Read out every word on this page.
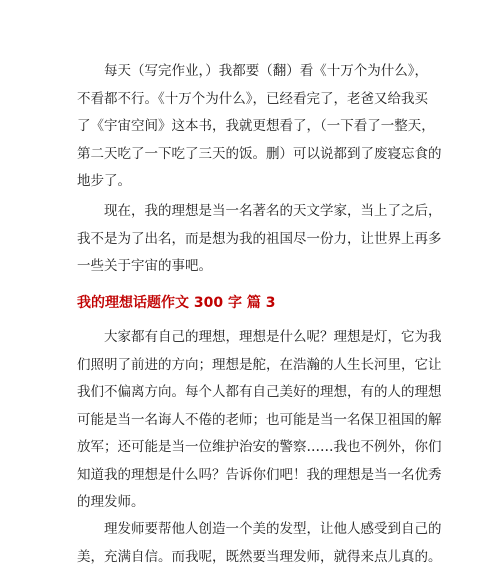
　　每天（写完作业，）我都要（翻）看《十万个为什么》，
不看都不行。《十万个为什么》，已经看完了，老爸又给我买
了《宇宙空间》这本书，我就更想看了，（一下看了一整天，
第二天吃了一下吃了三天的饭。删）可以说都到了废寝忘食的
地步了。
　　现在，我的理想是当一名著名的天文学家，当上了之后，
我不是为了出名，而是想为我的祖国尽一份力，让世界上再多
一些关于宇宙的事吧。
我的理想话题作文 300 字 篇 3
　　大家都有自己的理想，理想是什么呢？理想是灯，它为我
们照明了前进的方向；理想是舵，在浩瀚的人生长河里，它让
我们不偏离方向。每个人都有自己美好的理想，有的人的理想
可能是当一名诲人不倦的老师；也可能是当一名保卫祖国的解
放军；还可能是当一位维护治安的警察……我也不例外，你们
知道我的理想是什么吗？告诉你们吧！我的理想是当一名优秀
的理发师。
　　理发师要帮他人创造一个美的发型，让他人感受到自己的
美，充满自信。而我呢，既然要当理发师，就得来点儿真的。
